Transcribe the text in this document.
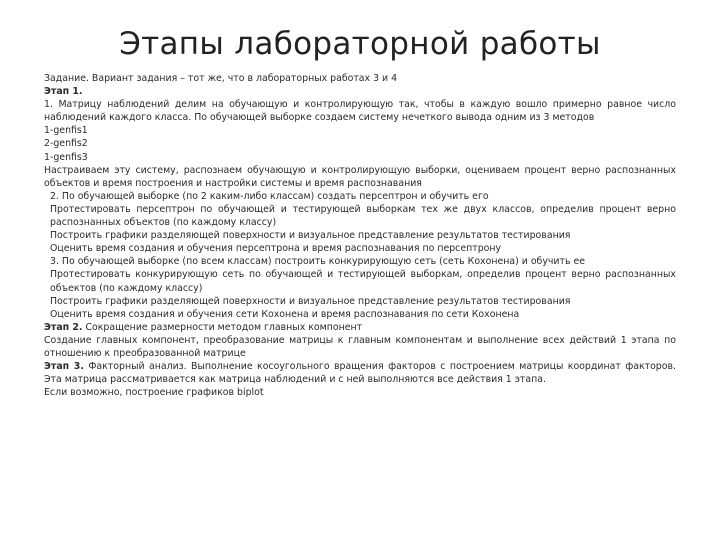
Этапы лабораторной работы
Задание. Вариант задания – тот же, что в лабораторных работах 3 и 4
Этап 1.
1. Матрицу наблюдений делим на обучающую и контролирующую так, чтобы в каждую вошло примерно равное число наблюдений каждого класса. По обучающей выборке создаем систему нечеткого вывода одним из 3 методов
1-genfis1
2-genfis2
1-genfis3
Настраиваем эту систему, распознаем обучающую и контролирующую выборки, оцениваем процент верно распознанных объектов и время построения и настройки системы и время распознавания
2. По обучающей выборке (по 2 каким-либо классам) создать персептрон и обучить его
Протестировать персептрон по обучающей и тестирующей выборкам тех же двух классов, определив процент верно распознанных объектов (по каждому классу)
Построить графики разделяющей поверхности и визуальное представление результатов тестирования
Оценить время создания и обучения персептрона и время распознавания по персептрону
3. По обучающей выборке (по всем классам) построить конкурирующую сеть (сеть Кохонена) и обучить ее
Протестировать конкурирующую сеть по обучающей и тестирующей выборкам, определив процент верно распознанных объектов (по каждому классу)
Построить графики разделяющей поверхности и визуальное представление результатов тестирования
Оценить время создания и обучения сети Кохонена и время распознавания по сети Кохонена
Этап 2. Сокращение размерности методом главных компонент
Создание главных компонент, преобразование матрицы к главным компонентам и выполнение всех действий 1 этапа по отношению к преобразованной матрице
Этап 3. Факторный анализ. Выполнение косоугольного вращения факторов с построением матрицы координат факторов. Эта матрица рассматривается как матрица наблюдений и с ней выполняются все действия 1 этапа.
Если возможно, построение графиков biplot
